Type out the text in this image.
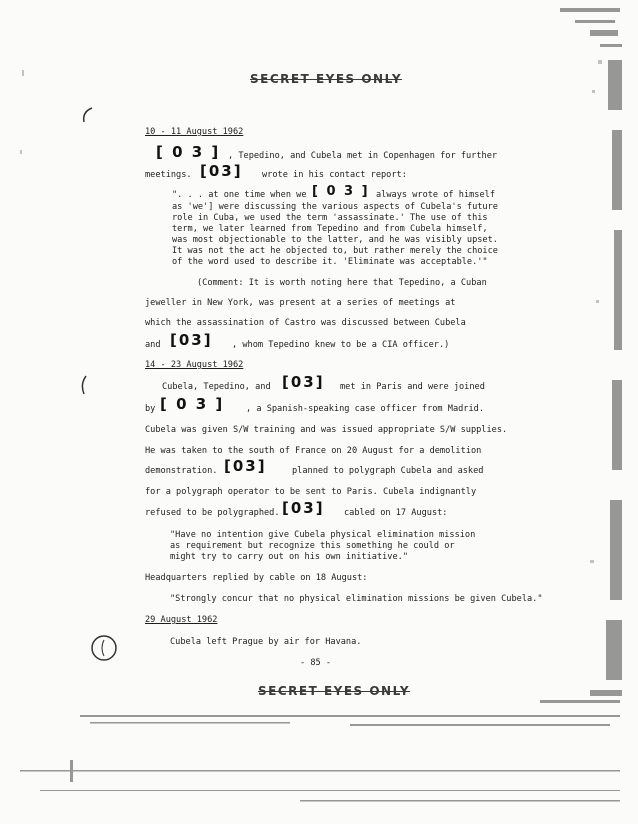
SECRET EYES ONLY
10 - 11 August 1962
[ 0 3 ] , Tepedino, and Cubela met in Copenhagen for further
meetings. [03] wrote in his contact report:
". . . at one time when we [ 0 3 ] always wrote of himself
as 'we'] were discussing the various aspects of Cubela's future
role in Cuba, we used the term 'assassinate.' The use of this
term, we later learned from Tepedino and from Cubela himself,
was most objectionable to the latter, and he was visibly upset.
It was not the act he objected to, but rather merely the choice
of the word used to describe it. 'Eliminate was acceptable.'"
(Comment: It is worth noting here that Tepedino, a Cuban
jeweller in New York, was present at a series of meetings at
which the assassination of Castro was discussed between Cubela
and [03] , whom Tepedino knew to be a CIA officer.)
14 - 23 August 1962
Cubela, Tepedino, and [03] met in Paris and were joined
by [ 0 3 ]	, a Spanish-speaking case officer from Madrid.
Cubela was given S/W training and was issued appropriate S/W supplies.
He was taken to the south of France on 20 August for a demolition
demonstration. [03]	planned to polygraph Cubela and asked
for a polygraph operator to be sent to Paris. Cubela indignantly
refused to be polygraphed. [03] cabled on 17 August:
"Have no intention give Cubela physical elimination mission
as requirement but recognize this something he could or
might try to carry out on his own initiative."
Headquarters replied by cable on 18 August:
"Strongly concur that no physical elimination missions be given Cubela."
29 August 1962
Cubela left Prague by air for Havana.
- 85 -
SECRET EYES ONLY
